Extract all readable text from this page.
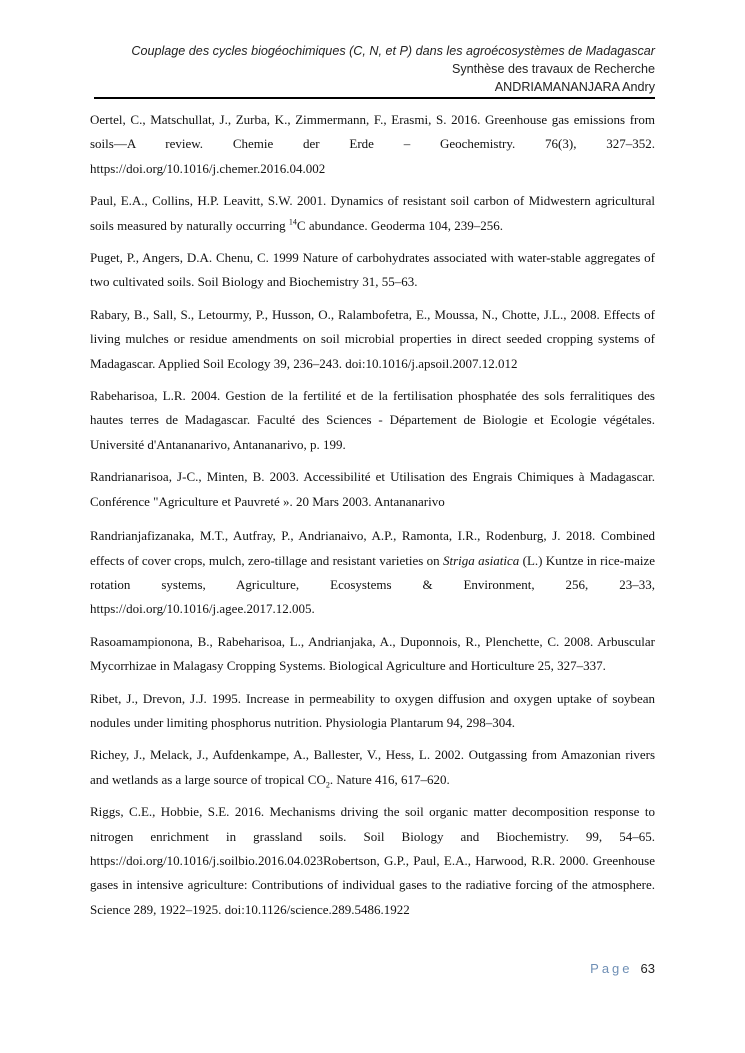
Couplage des cycles biogéochimiques (C, N, et P) dans les agroécosystèmes de Madagascar
Synthèse des travaux de Recherche
ANDRIAMANANJARA Andry

Oertel, C., Matschullat, J., Zurba, K., Zimmermann, F., Erasmi, S. 2016. Greenhouse gas emissions from soils—A review. Chemie der Erde – Geochemistry. 76(3), 327–352. https://doi.org/10.1016/j.chemer.2016.04.002

Paul, E.A., Collins, H.P. Leavitt, S.W. 2001. Dynamics of resistant soil carbon of Midwestern agricultural soils measured by naturally occurring $^{14}$C abundance. Geoderma 104, 239–256.

Puget, P., Angers, D.A. Chenu, C. 1999 Nature of carbohydrates associated with water-stable aggregates of two cultivated soils. Soil Biology and Biochemistry 31, 55–63.

Rabary, B., Sall, S., Letourmy, P., Husson, O., Ralambofetra, E., Moussa, N., Chotte, J.L., 2008. Effects of living mulches or residue amendments on soil microbial properties in direct seeded cropping systems of Madagascar. Applied Soil Ecology 39, 236–243. doi:10.1016/j.apsoil.2007.12.012

Rabeharisoa, L.R. 2004. Gestion de la fertilité et de la fertilisation phosphatée des sols ferralitiques des hautes terres de Madagascar. Faculté des Sciences - Département de Biologie et Ecologie végétales. Université d'Antananarivo, Antananarivo, p. 199.

Randrianarisoa, J-C., Minten, B. 2003. Accessibilité et Utilisation des Engrais Chimiques à Madagascar. Conférence "Agriculture et Pauvreté ». 20 Mars 2003. Antananarivo

Randrianjafizanaka, M.T., Autfray, P., Andrianaivo, A.P., Ramonta, I.R., Rodenburg, J. 2018. Combined effects of cover crops, mulch, zero-tillage and resistant varieties on Striga asiatica (L.) Kuntze in rice-maize rotation systems, Agriculture, Ecosystems & Environment, 256, 23–33, https://doi.org/10.1016/j.agee.2017.12.005.

Rasoamampionona, B., Rabeharisoa, L., Andrianjaka, A., Duponnois, R., Plenchette, C. 2008. Arbuscular Mycorrhizae in Malagasy Cropping Systems. Biological Agriculture and Horticulture 25, 327–337.

Ribet, J., Drevon, J.J. 1995. Increase in permeability to oxygen diffusion and oxygen uptake of soybean nodules under limiting phosphorus nutrition. Physiologia Plantarum 94, 298–304.

Richey, J., Melack, J., Aufdenkampe, A., Ballester, V., Hess, L. 2002. Outgassing from Amazonian rivers and wetlands as a large source of tropical $CO_2$. Nature 416, 617–620.

Riggs, C.E., Hobbie, S.E. 2016. Mechanisms driving the soil organic matter decomposition response to nitrogen enrichment in grassland soils. Soil Biology and Biochemistry. 99, 54–65. https://doi.org/10.1016/j.soilbio.2016.04.023Robertson, G.P., Paul, E.A., Harwood, R.R. 2000. Greenhouse gases in intensive agriculture: Contributions of individual gases to the radiative forcing of the atmosphere. Science 289, 1922–1925. doi:10.1126/science.289.5486.1922

Page 63
